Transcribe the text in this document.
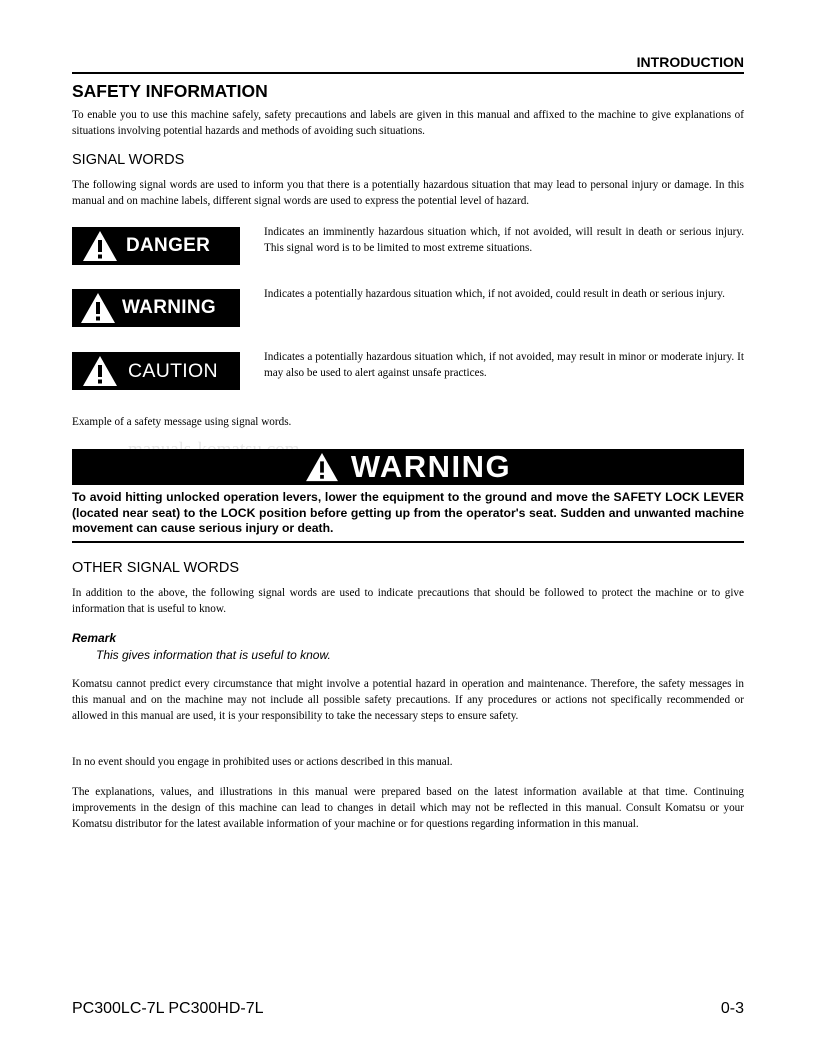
INTRODUCTION
SAFETY INFORMATION
To enable you to use this machine safely, safety precautions and labels are given in this manual and affixed to the machine to give explanations of situations involving potential hazards and methods of avoiding such situations.
SIGNAL WORDS
The following signal words are used to inform you that there is a potentially hazardous situation that may lead to personal injury or damage. In this manual and on machine labels, different signal words are used to express the potential level of hazard.
DANGER
Indicates an imminently hazardous situation which, if not avoided, will result in death or serious injury. This signal word is to be limited to most extreme situations.
WARNING
Indicates a potentially hazardous situation which, if not avoided, could result in death or serious injury.
CAUTION
Indicates a potentially hazardous situation which, if not avoided, may result in minor or moderate injury. It may also be used to alert against unsafe practices.
Example of a safety message using signal words.
WARNING
To avoid hitting unlocked operation levers, lower the equipment to the ground and move the SAFETY LOCK LEVER (located near seat) to the LOCK position before getting up from the operator's seat. Sudden and unwanted machine movement can cause serious injury or death.
OTHER SIGNAL WORDS
In addition to the above, the following signal words are used to indicate precautions that should be followed to protect the machine or to give information that is useful to know.
Remark
This gives information that is useful to know.
Komatsu cannot predict every circumstance that might involve a potential hazard in operation and maintenance. Therefore, the safety messages in this manual and on the machine may not include all possible safety precautions. If any procedures or actions not specifically recommended or allowed in this manual are used, it is your responsibility to take the necessary steps to ensure safety.
In no event should you engage in prohibited uses or actions described in this manual.
The explanations, values, and illustrations in this manual were prepared based on the latest information available at that time. Continuing improvements in the design of this machine can lead to changes in detail which may not be reflected in this manual. Consult Komatsu or your Komatsu distributor for the latest available information of your machine or for questions regarding information in this manual.
PC300LC-7L PC300HD-7L	0-3
